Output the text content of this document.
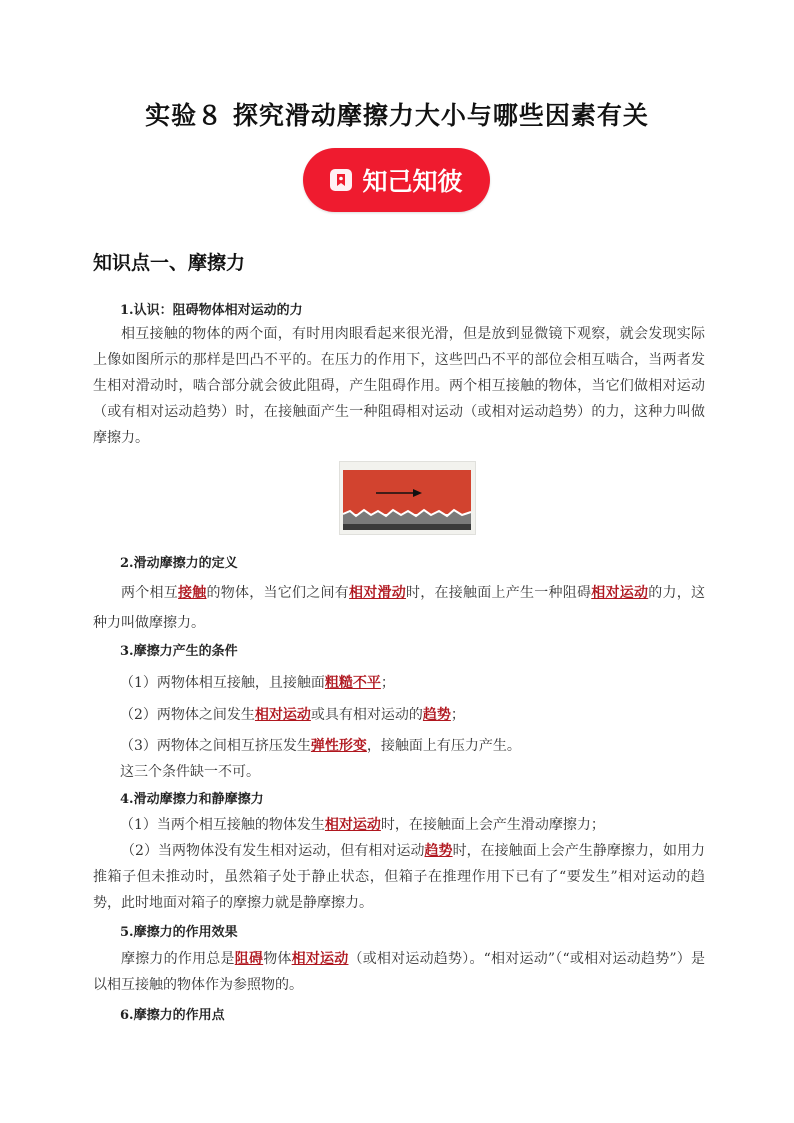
实验８ 探究滑动摩擦力大小与哪些因素有关
知己知彼
知识点一、摩擦力
1.认识：阻碍物体相对运动的力

相互接触的物体的两个面，有时用肉眼看起来很光滑，但是放到显微镜下观察，就会发现实际上像如图所示的那样是凹凸不平的。在压力的作用下，这些凹凸不平的部位会相互啮合，当两者发生相对滑动时，啮合部分就会彼此阻碍，产生阻碍作用。两个相互接触的物体，当它们做相对运动（或有相对运动趋势）时，在接触面产生一种阻碍相对运动（或相对运动趋势）的力，这种力叫做摩擦力。

2.滑动摩擦力的定义

两个相互接触的物体，当它们之间有相对滑动时，在接触面上产生一种阻碍相对运动的力，这种力叫做摩擦力。

3.摩擦力产生的条件
（1）两物体相互接触，且接触面粗糙不平；
（2）两物体之间发生相对运动或具有相对运动的趋势；
（3）两物体之间相互挤压发生弹性形变，接触面上有压力产生。
这三个条件缺一不可。
4.滑动摩擦力和静摩擦力
（1）当两个相互接触的物体发生相对运动时，在接触面上会产生滑动摩擦力；

（2）当两物体没有发生相对运动，但有相对运动趋势时，在接触面上会产生静摩擦力，如用力推箱子但未推动时，虽然箱子处于静止状态，但箱子在推理作用下已有了“要发生”相对运动的趋势，此时地面对箱子的摩擦力就是静摩擦力。

5.摩擦力的作用效果

摩擦力的作用总是阻碍物体相对运动（或相对运动趋势）。“相对运动”（“或相对运动趋势”）是以相互接触的物体作为参照物的。

6.摩擦力的作用点
